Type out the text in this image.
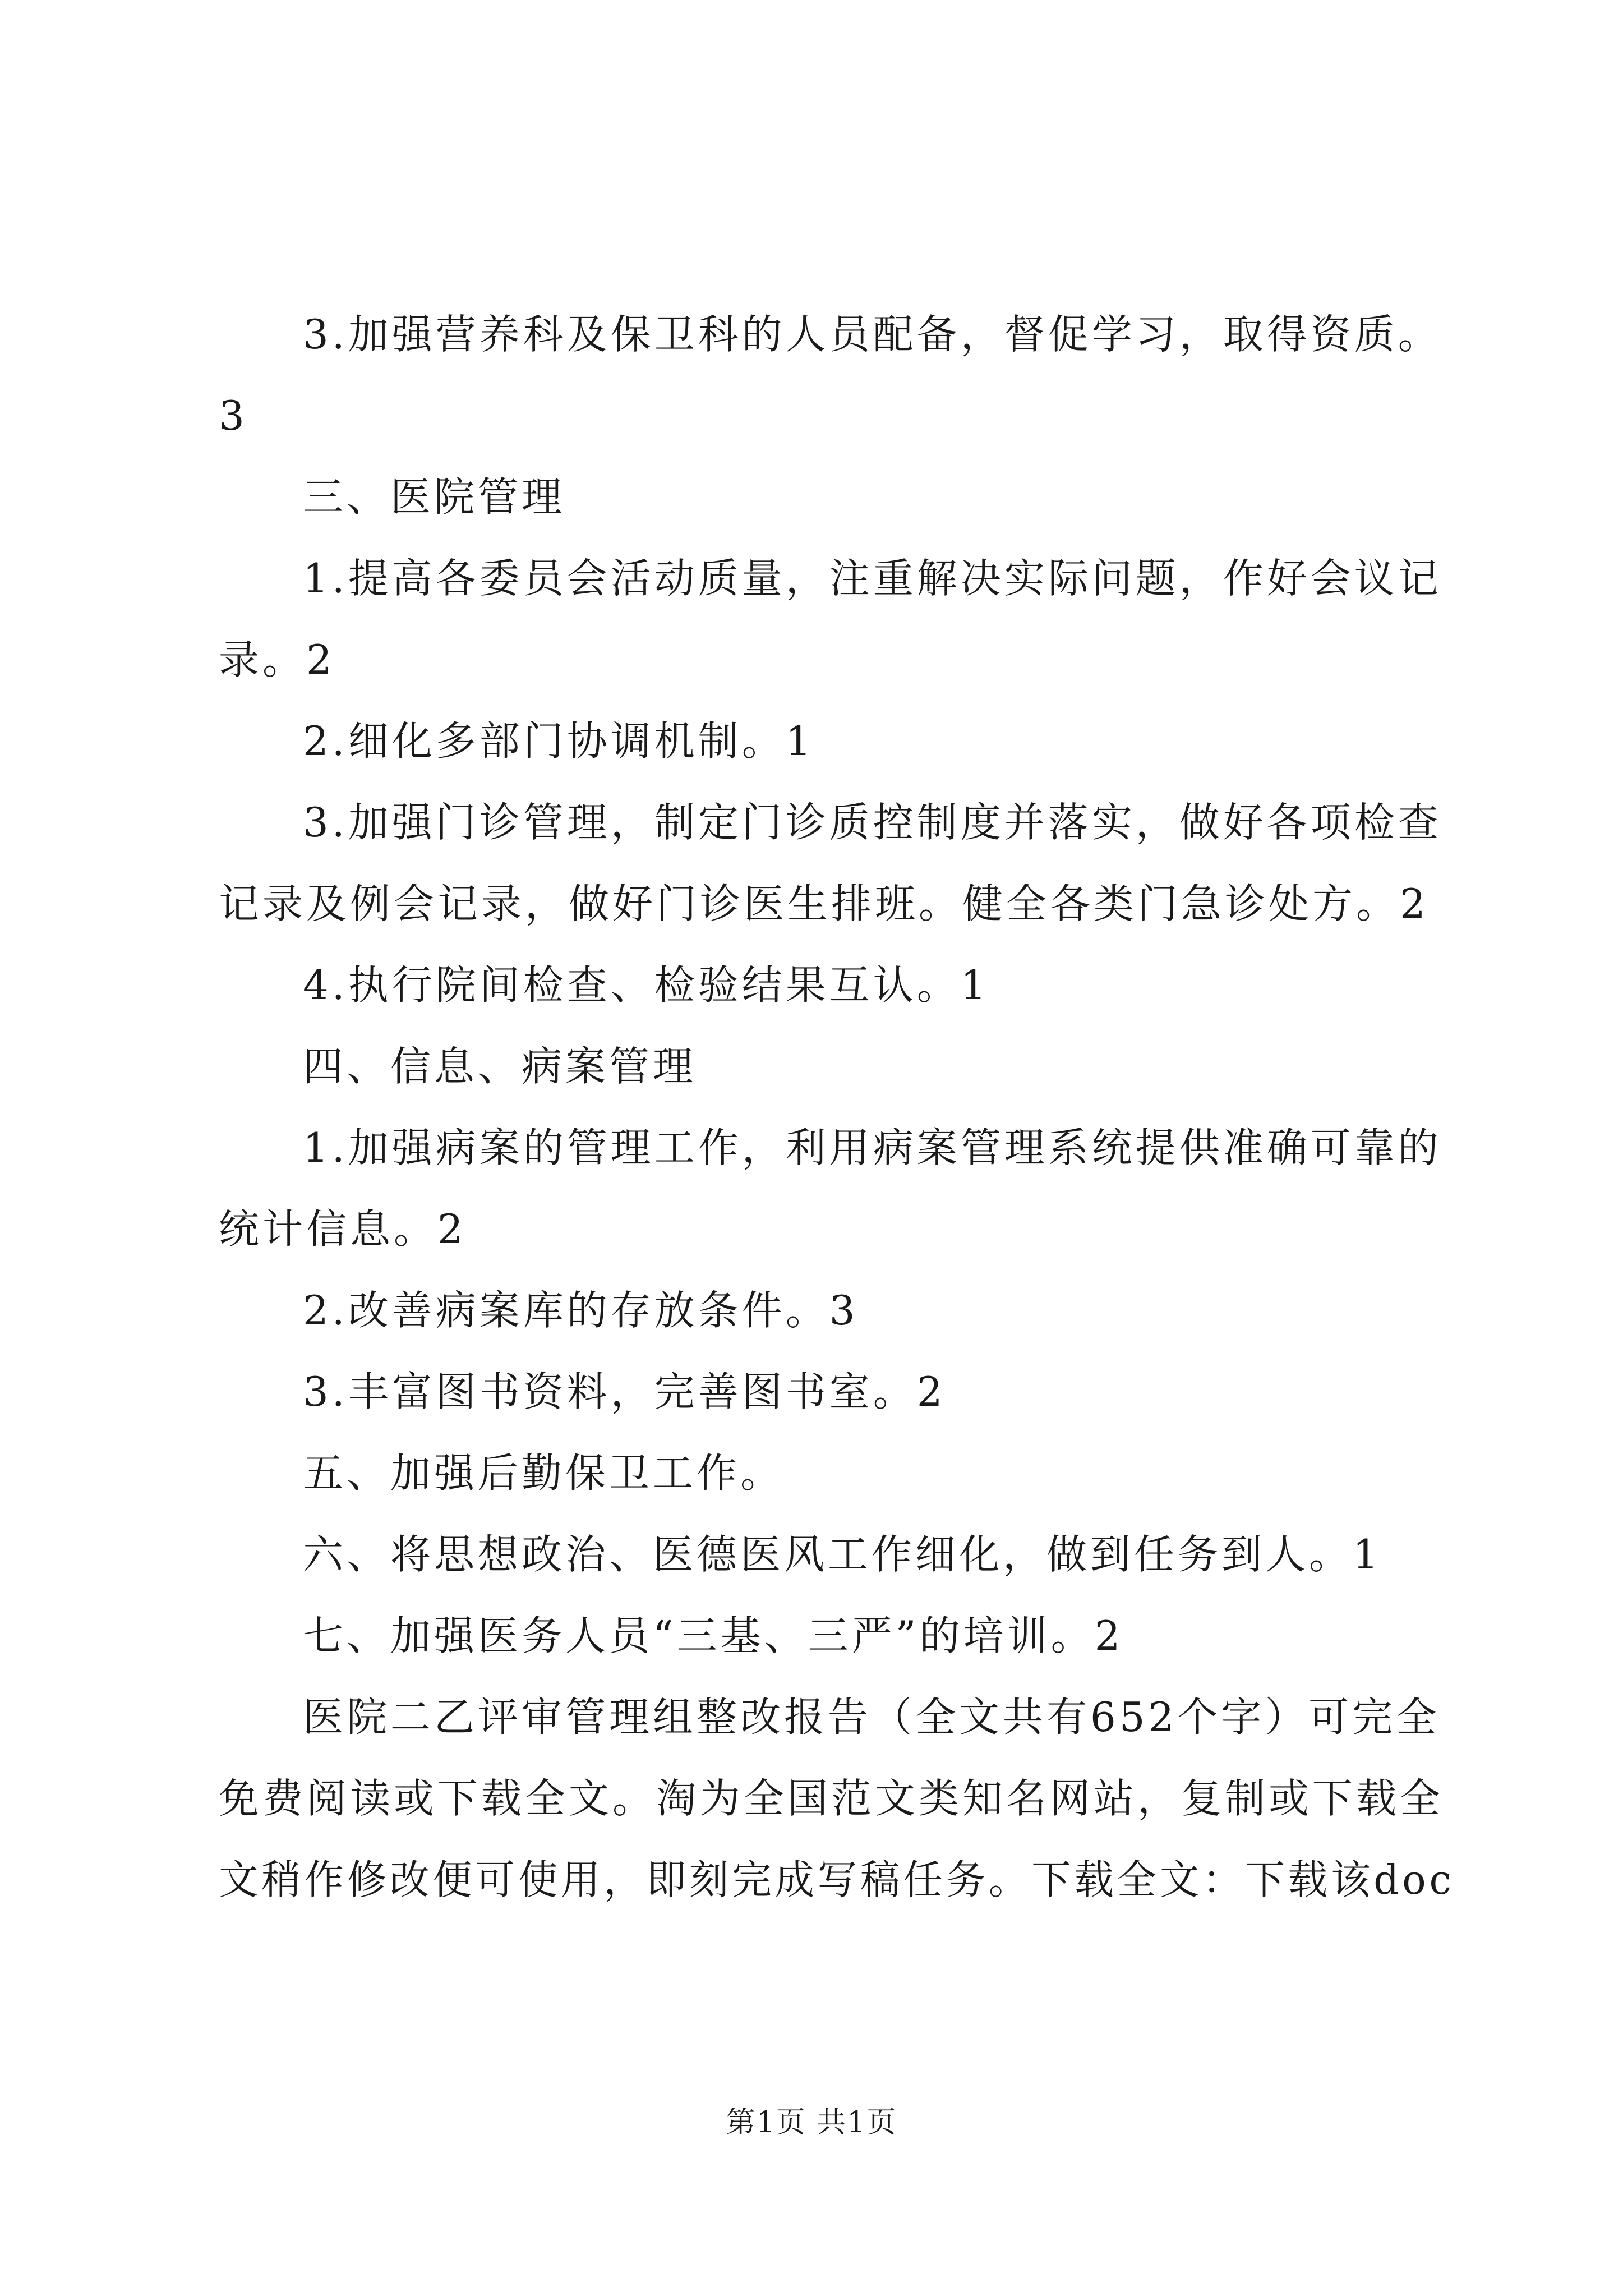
3.加强营养科及保卫科的人员配备，督促学习，取得资质。
3
三、医院管理
1.提高各委员会活动质量，注重解决实际问题，作好会议记
录。2
2.细化多部门协调机制。1
3.加强门诊管理，制定门诊质控制度并落实，做好各项检查
记录及例会记录，做好门诊医生排班。健全各类门急诊处方。2
4.执行院间检查、检验结果互认。1
四、信息、病案管理
1.加强病案的管理工作，利用病案管理系统提供准确可靠的
统计信息。2
2.改善病案库的存放条件。3
3.丰富图书资料，完善图书室。2
五、加强后勤保卫工作。
六、将思想政治、医德医风工作细化，做到任务到人。1
七、加强医务人员“三基、三严”的培训。2
医院二乙评审管理组整改报告（全文共有652个字）可完全
免费阅读或下载全文。淘为全国范文类知名网站，复制或下载全
文稍作修改便可使用，即刻完成写稿任务。下载全文：下载该doc
第1页 共1页
